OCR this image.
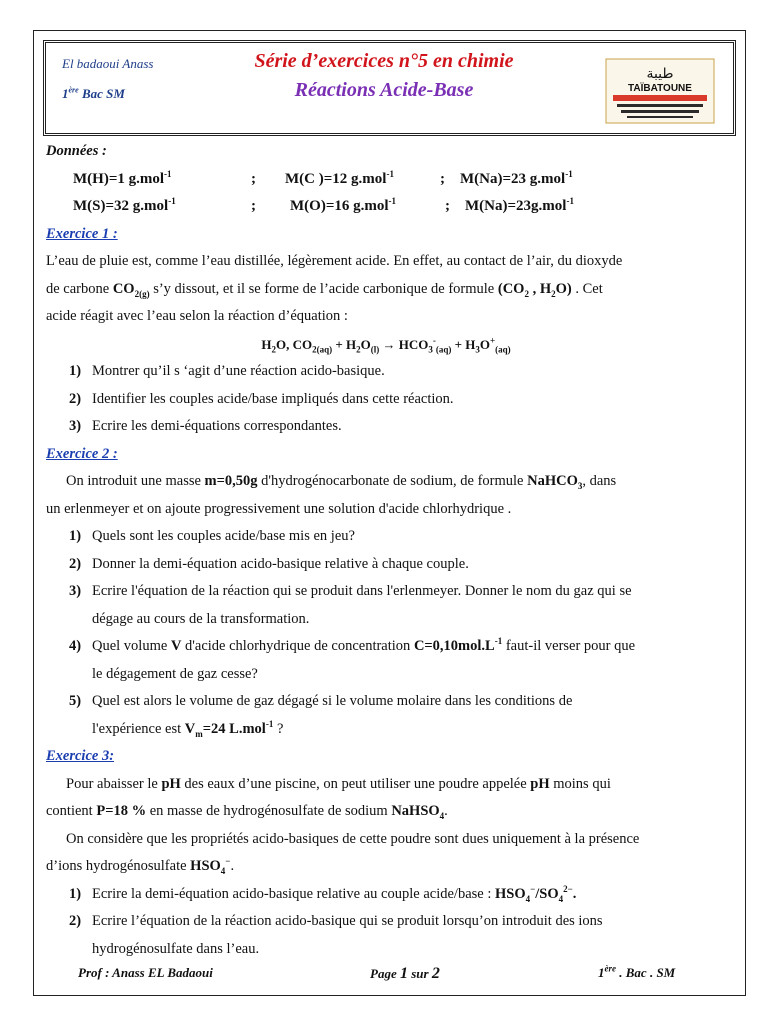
El badaoui Anass
1ère Bac SM
Série d’exercices n°5 en chimie
Réactions Acide-Base
طيبة
TAÏBATOUNE
Données :
M(H)=1 g.mol$^{-1}$	; M(C )=12 g.mol$^{-1}$	; M(Na)=23 g.mol$^{-1}$
M(S)=32 g.mol$^{-1}$	; M(O)=16 g.mol$^{-1}$	; M(Na)=23g.mol$^{-1}$
Exercice 1 :
L’eau de pluie est, comme l’eau distillée, légèrement acide. En effet, au contact de l’air, du dioxyde
de carbone $CO_{2(g)}$ s’y dissout, et il se forme de l’acide carbonique de formule ($CO_2$ , $H_2O$) . Cet
acide réagit avec l’eau selon la réaction d’équation :
$H_2O$, $CO_{2(aq)} + H_2O_{(l)} \to HCO_3^-_{(aq)} + H_3O^+_{(aq)}$
1) Montrer qu’il s ‘agit d’une réaction acido-basique.
2) Identifier les couples acide/base impliqués dans cette réaction.
3) Ecrire les demi-équations correspondantes.
Exercice 2 :
On introduit une masse m=0,50g d'hydrogénocarbonate de sodium, de formule NaHCO$_3$, dans
un erlenmeyer et on ajoute progressivement une solution d'acide chlorhydrique .
1) Quels sont les couples acide/base mis en jeu?
2) Donner la demi-équation acido-basique relative à chaque couple.
3) Ecrire l'équation de la réaction qui se produit dans l'erlenmeyer. Donner le nom du gaz qui se
dégage au cours de la transformation.
4) Quel volume V d'acide chlorhydrique de concentration $C=0,10mol.L^{-1}$ faut-il verser pour que
le dégagement de gaz cesse?
5) Quel est alors le volume de gaz dégagé si le volume molaire dans les conditions de
l'expérience est $V_m=24$ L.mol$^{-1}$ ?
Exercice 3:
Pour abaisser le pH des eaux d’une piscine, on peut utiliser une poudre appelée pH moins qui
contient P=18 % en masse de hydrogénosulfate de sodium NaHSO$_4$.
On considère que les propriétés acido-basiques de cette poudre sont dues uniquement à la présence
d’ions hydrogénosulfate $HSO_4^-$.
1) Ecrire la demi-équation acido-basique relative au couple acide/base : $HSO_4^-/SO_4^{2-}$.
2) Ecrire l’équation de la réaction acido-basique qui se produit lorsqu’on introduit des ions
hydrogénosulfate dans l’eau.
Prof : Anass EL Badaoui	Page 1 sur 2	1ère . Bac . SM
